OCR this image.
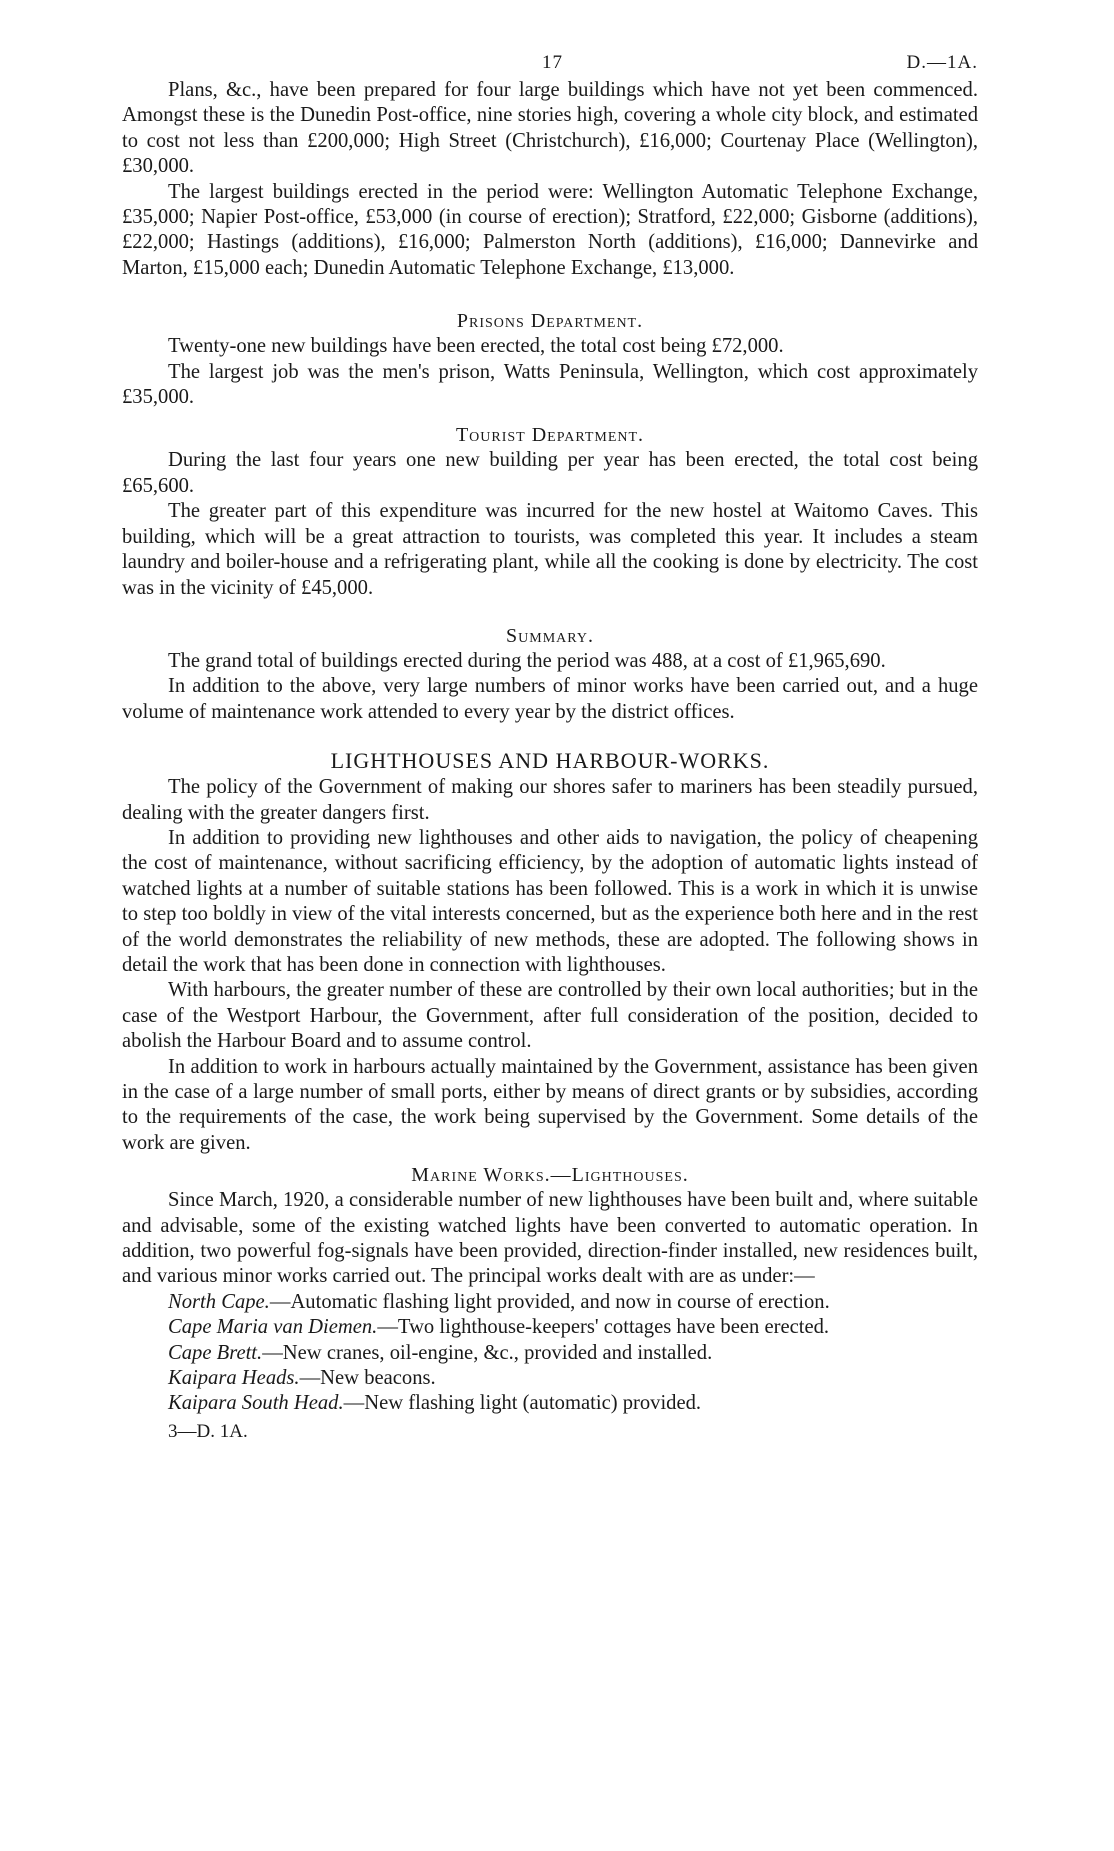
17	D.—1A.

Plans, &c., have been prepared for four large buildings which have not yet been commenced. Amongst these is the Dunedin Post-office, nine stories high, covering a whole city block, and estimated to cost not less than £200,000; High Street (Christchurch), £16,000; Courtenay Place (Wellington), £30,000.

The largest buildings erected in the period were: Wellington Automatic Telephone Exchange, £35,000; Napier Post-office, £53,000 (in course of erection); Stratford, £22,000; Gisborne (additions), £22,000; Hastings (additions), £16,000; Palmerston North (additions), £16,000; Dannevirke and Marton, £15,000 each; Dunedin Automatic Telephone Exchange, £13,000.

Prisons Department.

Twenty-one new buildings have been erected, the total cost being £72,000.

The largest job was the men's prison, Watts Peninsula, Wellington, which cost approximately £35,000.

Tourist Department.

During the last four years one new building per year has been erected, the total cost being £65,600.

The greater part of this expenditure was incurred for the new hostel at Waitomo Caves. This building, which will be a great attraction to tourists, was completed this year. It includes a steam laundry and boiler-house and a refrigerating plant, while all the cooking is done by electricity. The cost was in the vicinity of £45,000.

Summary.

The grand total of buildings erected during the period was 488, at a cost of £1,965,690.

In addition to the above, very large numbers of minor works have been carried out, and a huge volume of maintenance work attended to every year by the district offices.

LIGHTHOUSES AND HARBOUR-WORKS.

The policy of the Government of making our shores safer to mariners has been steadily pursued, dealing with the greater dangers first.

In addition to providing new lighthouses and other aids to navigation, the policy of cheapening the cost of maintenance, without sacrificing efficiency, by the adoption of automatic lights instead of watched lights at a number of suitable stations has been followed. This is a work in which it is unwise to step too boldly in view of the vital interests concerned, but as the experience both here and in the rest of the world demonstrates the reliability of new methods, these are adopted. The following shows in detail the work that has been done in connection with lighthouses.

With harbours, the greater number of these are controlled by their own local authorities; but in the case of the Westport Harbour, the Government, after full consideration of the position, decided to abolish the Harbour Board and to assume control.

In addition to work in harbours actually maintained by the Government, assistance has been given in the case of a large number of small ports, either by means of direct grants or by subsidies, according to the requirements of the case, the work being supervised by the Government. Some details of the work are given.

Marine Works.—Lighthouses.

Since March, 1920, a considerable number of new lighthouses have been built and, where suitable and advisable, some of the existing watched lights have been converted to automatic operation. In addition, two powerful fog-signals have been provided, direction-finder installed, new residences built, and various minor works carried out. The principal works dealt with are as under:—

North Cape.—Automatic flashing light provided, and now in course of erection.

Cape Maria van Diemen.—Two lighthouse-keepers' cottages have been erected.

Cape Brett.—New cranes, oil-engine, &c., provided and installed.

Kaipara Heads.—New beacons.

Kaipara South Head.—New flashing light (automatic) provided.

3—D. 1A.
